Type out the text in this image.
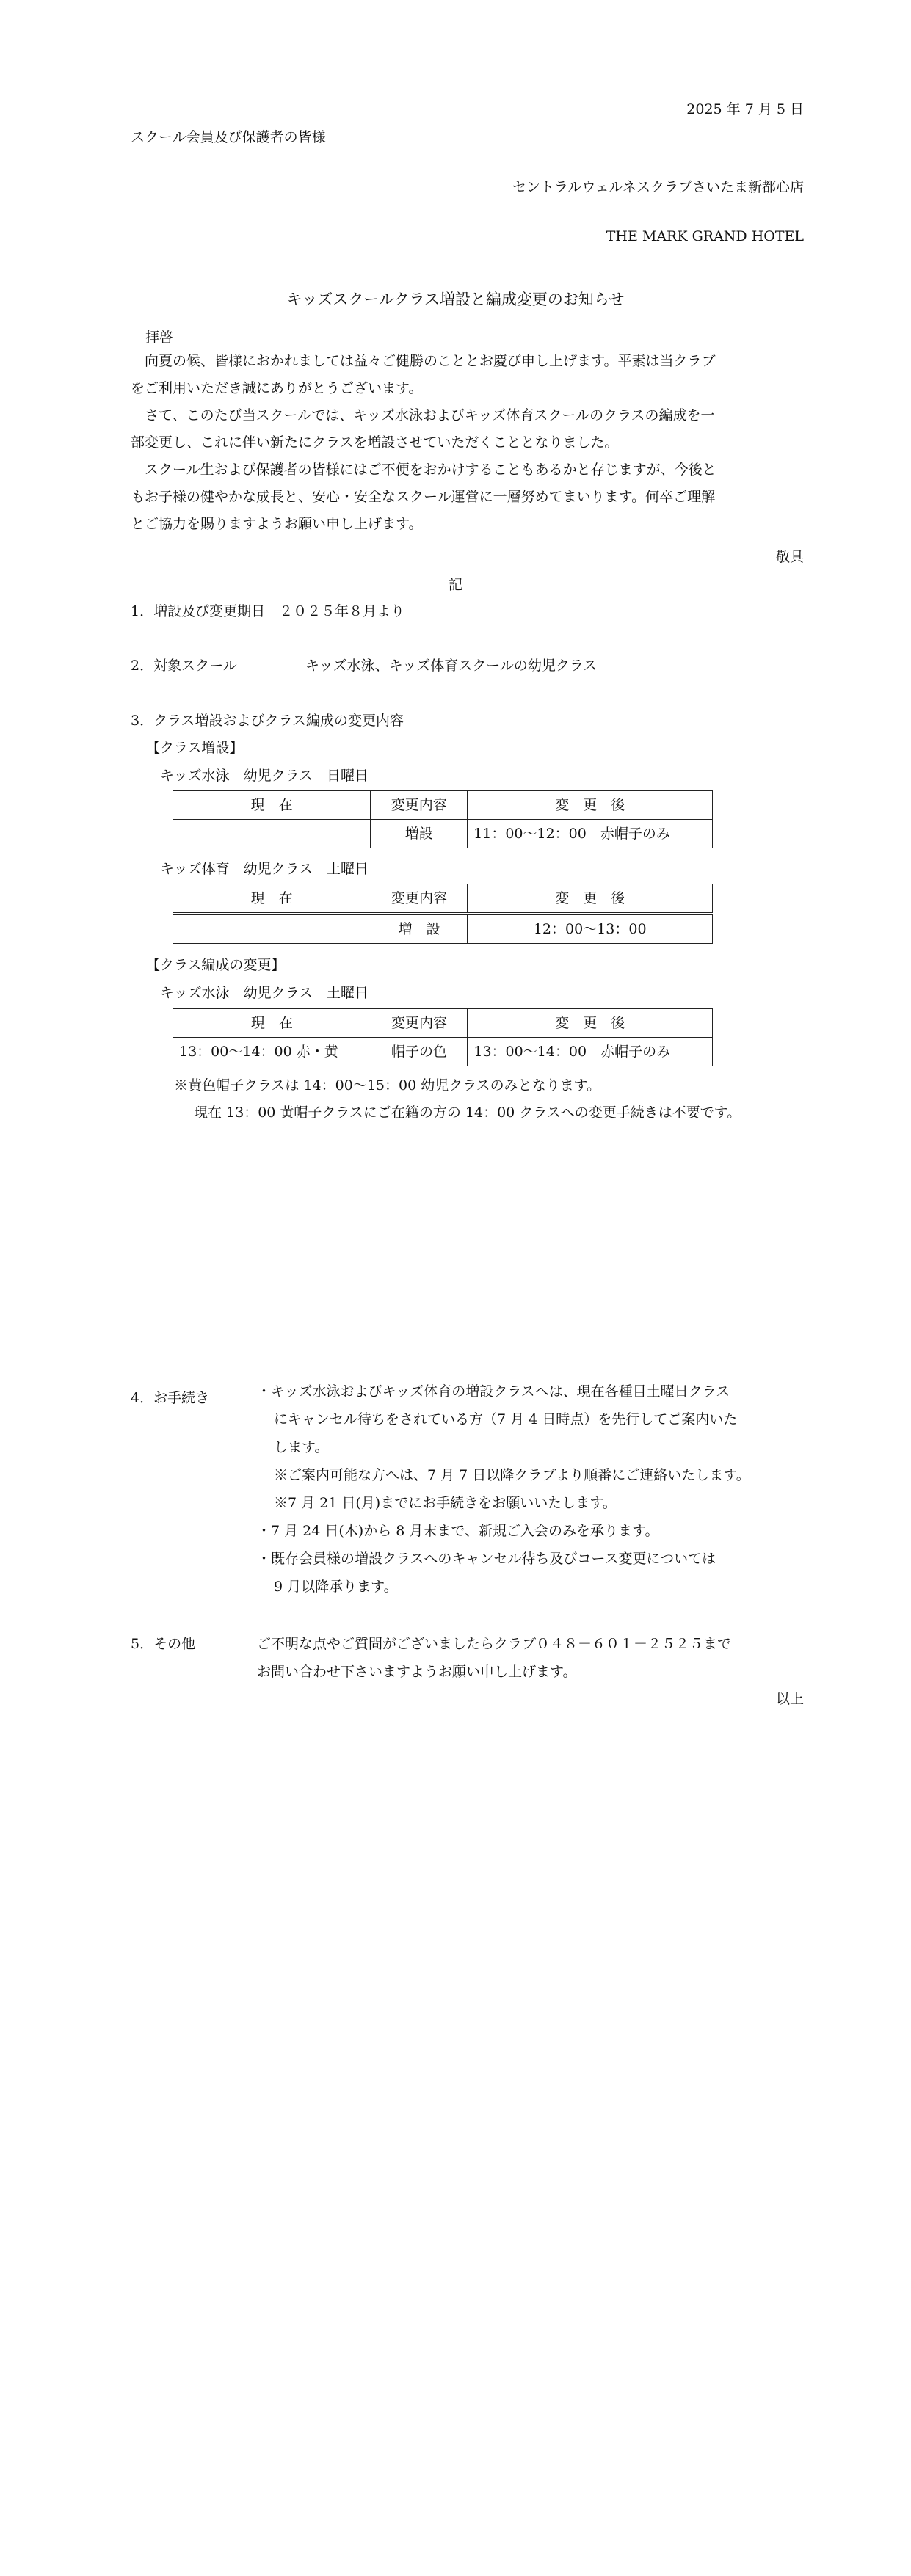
2025 年 7 月 5 日
スクール会員及び保護者の皆様
セントラルウェルネスクラブさいたま新都心店
THE MARK GRAND HOTEL
キッズスクールクラス増設と編成変更のお知らせ
拝啓

向夏の候、皆様におかれましては益々ご健勝のこととお慶び申し上げます。平素は当クラブ

をご利用いただき誠にありがとうございます。

さて、このたび当スクールでは、キッズ水泳およびキッズ体育スクールのクラスの編成を一

部変更し、これに伴い新たにクラスを増設させていただくこととなりました。

スクール生および保護者の皆様にはご不便をおかけすることもあるかと存じますが、今後と

もお子様の健やかな成長と、安心・安全なスクール運営に一層努めてまいります。何卒ご理解

とご協力を賜りますようお願い申し上げます。

敬具
記
1．増設及び変更期日　２０２５年８月より
2．対象スクール	キッズ水泳、キッズ体育スクールの幼児クラス
3．クラス増設およびクラス編成の変更内容
【クラス増設】
キッズ水泳　幼児クラス　日曜日
現　在	変更内容	変　更　後
	増設	11：00～12：00　赤帽子のみ
キッズ体育　幼児クラス　土曜日
現　在	変更内容	変　更　後
	増　設	12：00～13：00
【クラス編成の変更】
キッズ水泳　幼児クラス　土曜日
現　在	変更内容	変　更　後
13：00～14：00 赤・黄	帽子の色	13：00～14：00　赤帽子のみ
※黄色帽子クラスは 14：00～15：00 幼児クラスのみとなります。
現在 13：00 黄帽子クラスにご在籍の方の 14：00 クラスへの変更手続きは不要です。
4．お手続き	・キッズ水泳およびキッズ体育の増設クラスへは、現在各種目土曜日クラス
にキャンセル待ちをされている方（7 月 4 日時点）を先行してご案内いた
します。
※ご案内可能な方へは、7 月 7 日以降クラブより順番にご連絡いたします。
※7 月 21 日(月)までにお手続きをお願いいたします。
・7 月 24 日(木)から 8 月末まで、新規ご入会のみを承ります。
・既存会員様の増設クラスへのキャンセル待ち及びコース変更については
9 月以降承ります。
5．その他	ご不明な点やご質問がございましたらクラブ０４８－６０１－２５２５まで
お問い合わせ下さいますようお願い申し上げます。
以上
